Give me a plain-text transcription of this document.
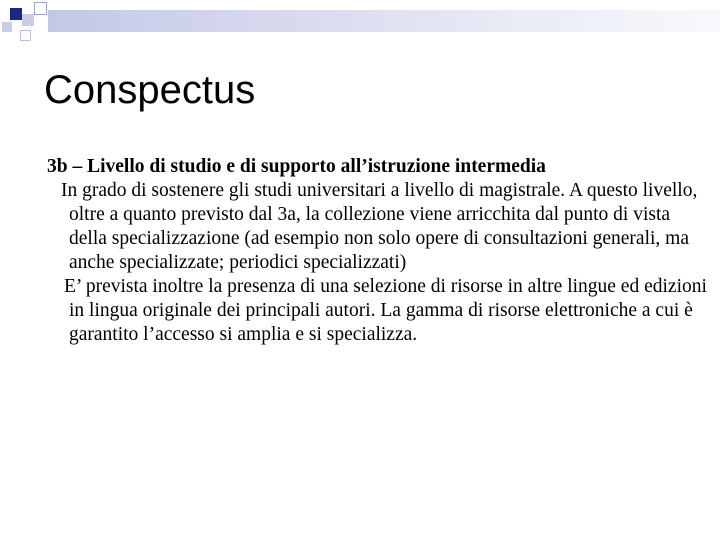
Conspectus

3b – Livello di studio e di supporto all’istruzione intermedia

In grado di sostenere gli studi universitari a livello di magistrale. A questo livello, oltre a quanto previsto dal 3a, la collezione viene arricchita dal punto di vista della specializzazione (ad esempio non solo opere di consultazioni generali, ma anche specializzate; periodici specializzati)

E’ prevista inoltre la presenza di una selezione di risorse in altre lingue ed edizioni in lingua originale dei principali autori. La gamma di risorse elettroniche a cui è garantito l’accesso si amplia e si specializza.
